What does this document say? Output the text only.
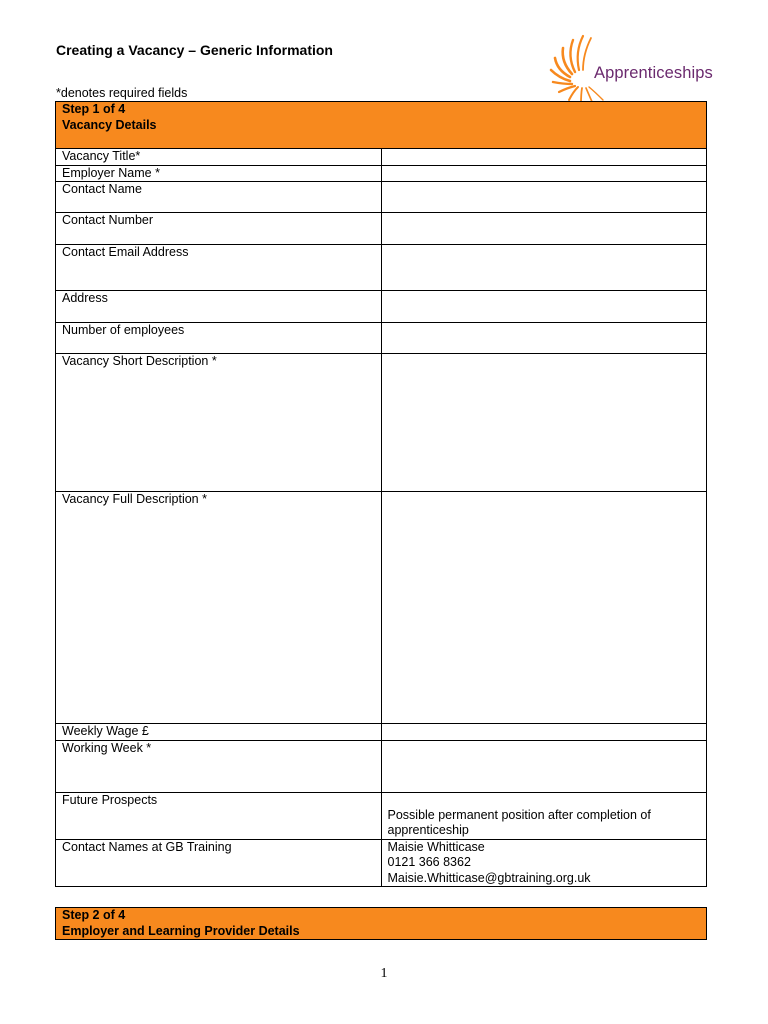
Creating a Vacancy – Generic Information
Apprenticeships
*denotes required fields
Step 1 of 4
Vacancy Details	

Vacancy Title*	
Employer Name *	
Contact Name	
Contact Number	
Contact Email Address	
Address	
Number of employees	
Vacancy Short Description *	
Vacancy Full Description *	
Weekly Wage £	
Working Week *	
Future Prospects	Possible permanent position after completion of apprenticeship

Contact Names at GB Training	Maisie Whitticase
0121 366 8362
Maisie.Whitticase@gbtraining.org.uk
Step 2 of 4
Employer and Learning Provider Details
1
